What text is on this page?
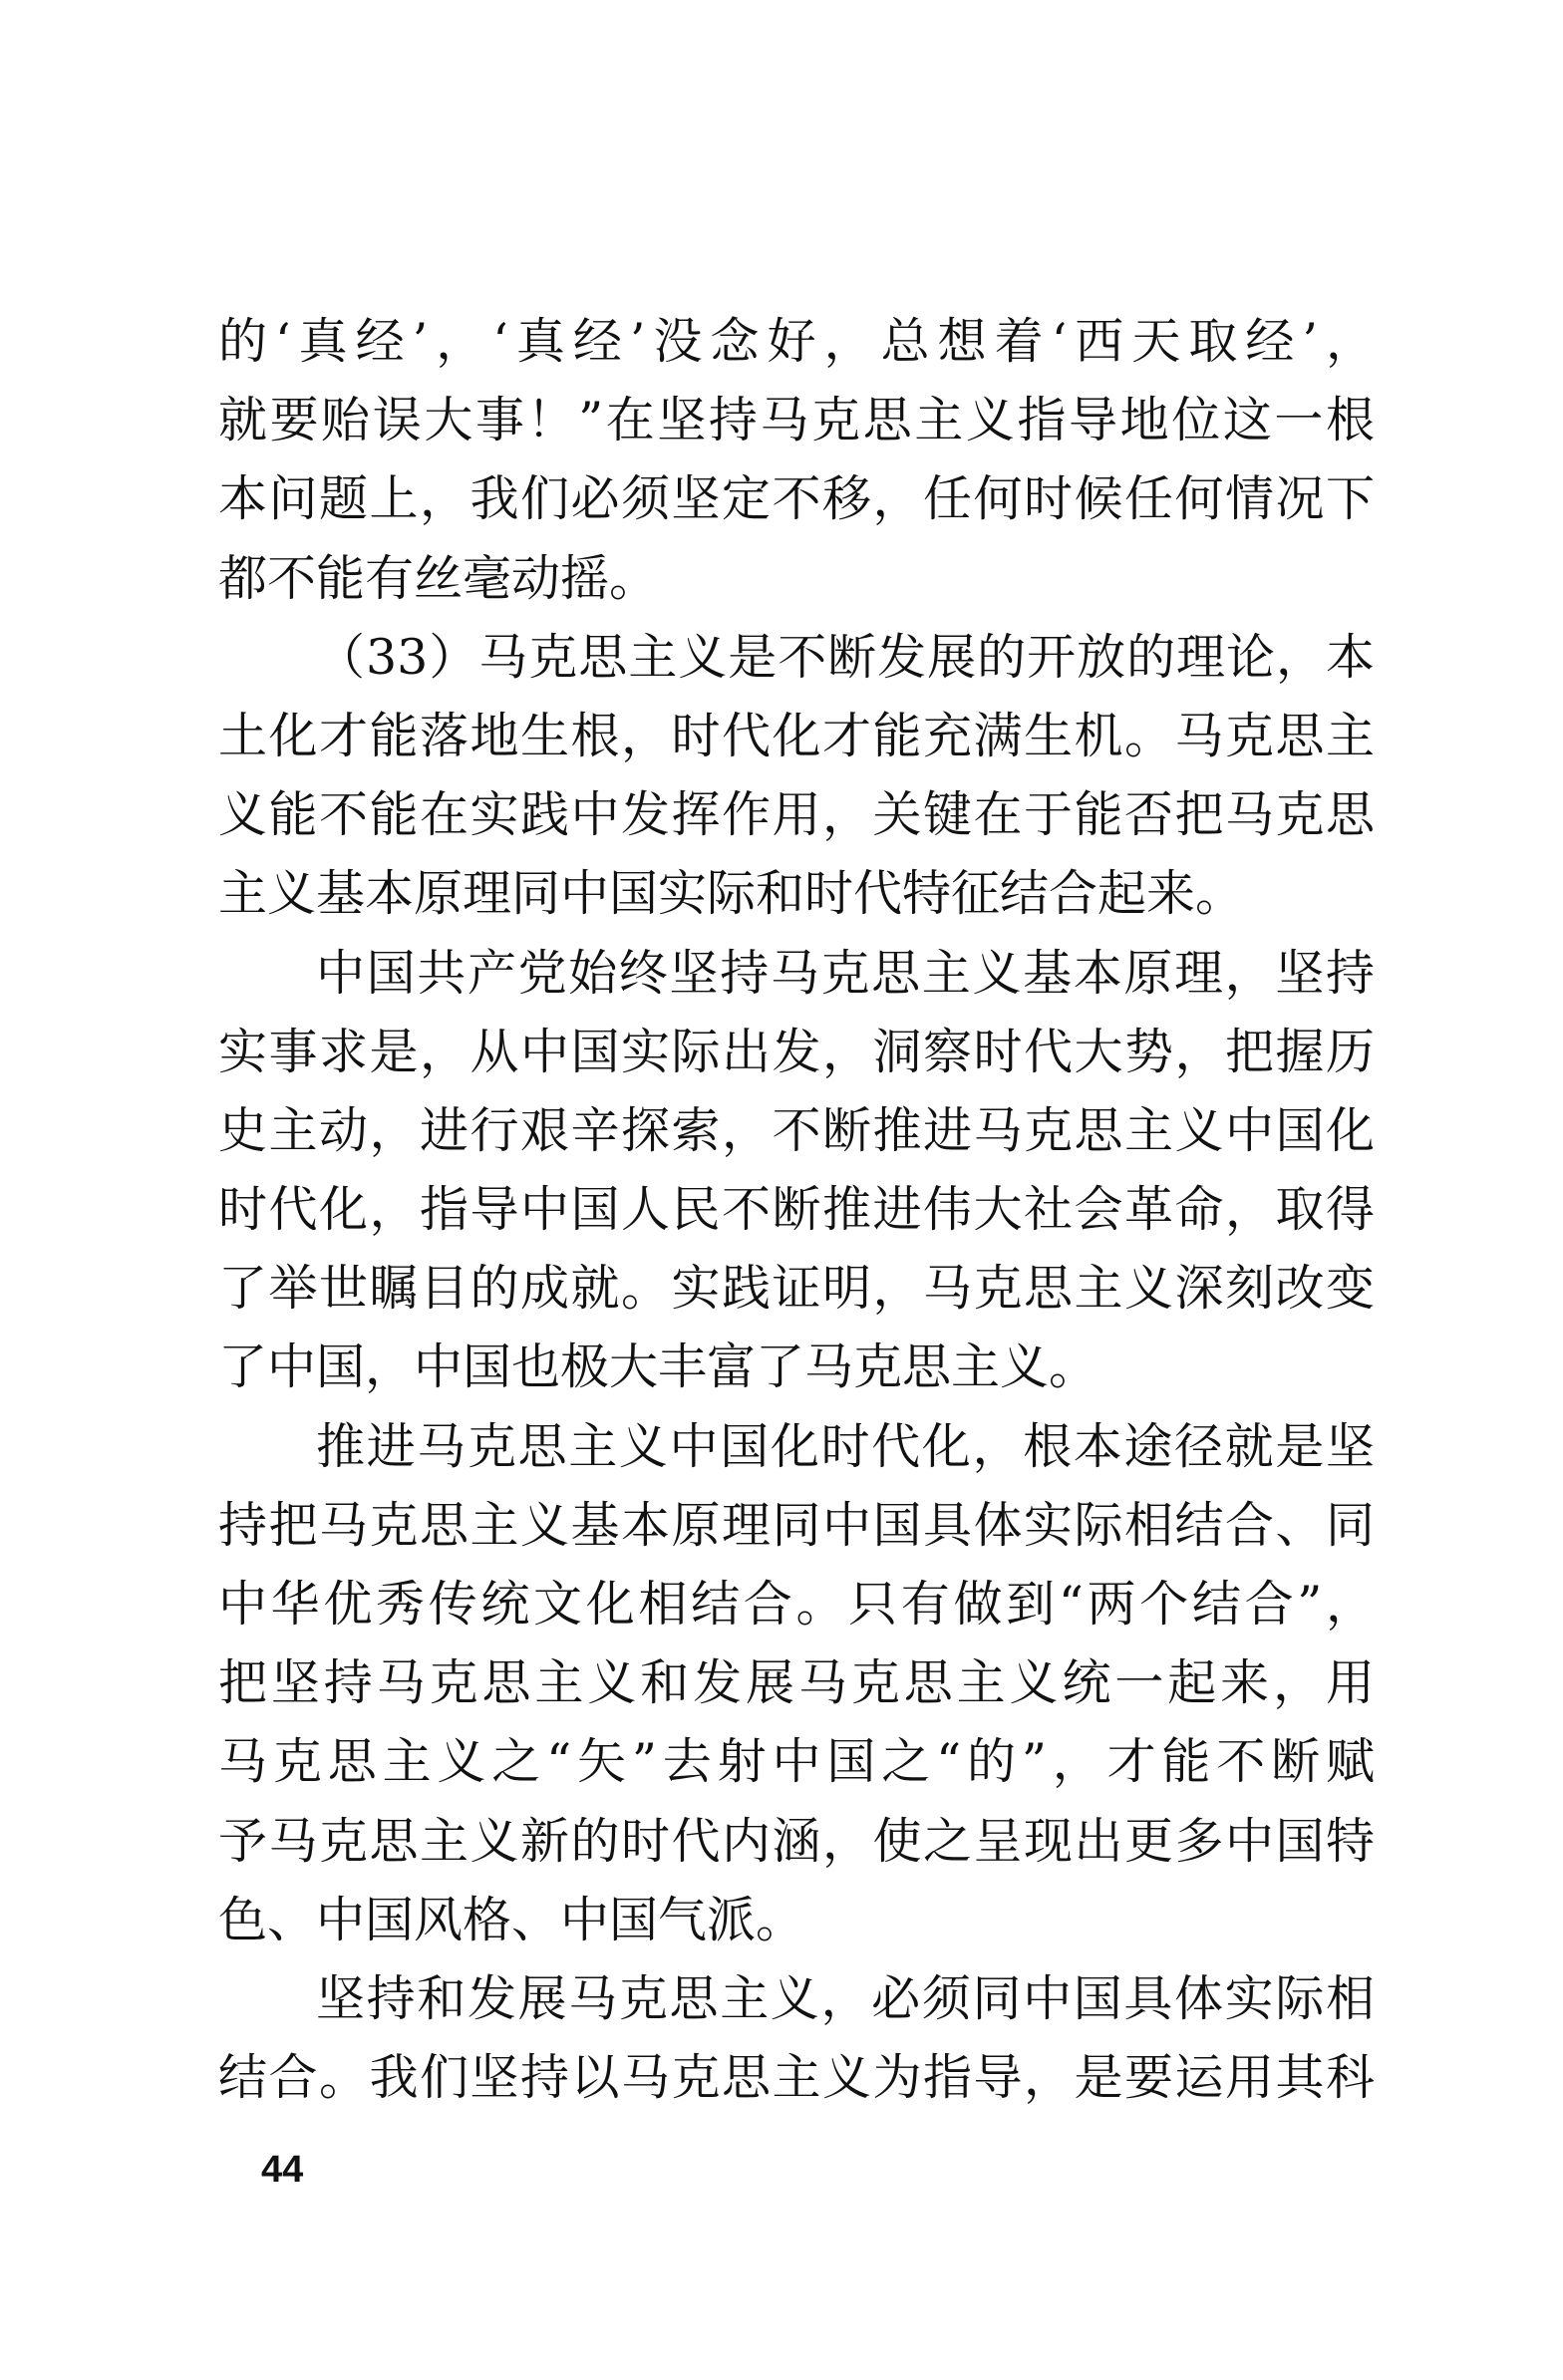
的‘真经’，‘真经’没念好，总想着‘西天取经’，
就要贻误大事！”在坚持马克思主义指导地位这一根
本问题上，我们必须坚定不移，任何时候任何情况下
都不能有丝毫动摇。
（33）马克思主义是不断发展的开放的理论，本
土化才能落地生根，时代化才能充满生机。马克思主
义能不能在实践中发挥作用，关键在于能否把马克思
主义基本原理同中国实际和时代特征结合起来。
中国共产党始终坚持马克思主义基本原理，坚持
实事求是，从中国实际出发，洞察时代大势，把握历
史主动，进行艰辛探索，不断推进马克思主义中国化
时代化，指导中国人民不断推进伟大社会革命，取得
了举世瞩目的成就。实践证明，马克思主义深刻改变
了中国，中国也极大丰富了马克思主义。
推进马克思主义中国化时代化，根本途径就是坚
持把马克思主义基本原理同中国具体实际相结合、同
中华优秀传统文化相结合。只有做到“两个结合”，
把坚持马克思主义和发展马克思主义统一起来，用
马克思主义之“矢”去射中国之“的”，才能不断赋
予马克思主义新的时代内涵，使之呈现出更多中国特
色、中国风格、中国气派。
坚持和发展马克思主义，必须同中国具体实际相
结合。我们坚持以马克思主义为指导，是要运用其科
44
